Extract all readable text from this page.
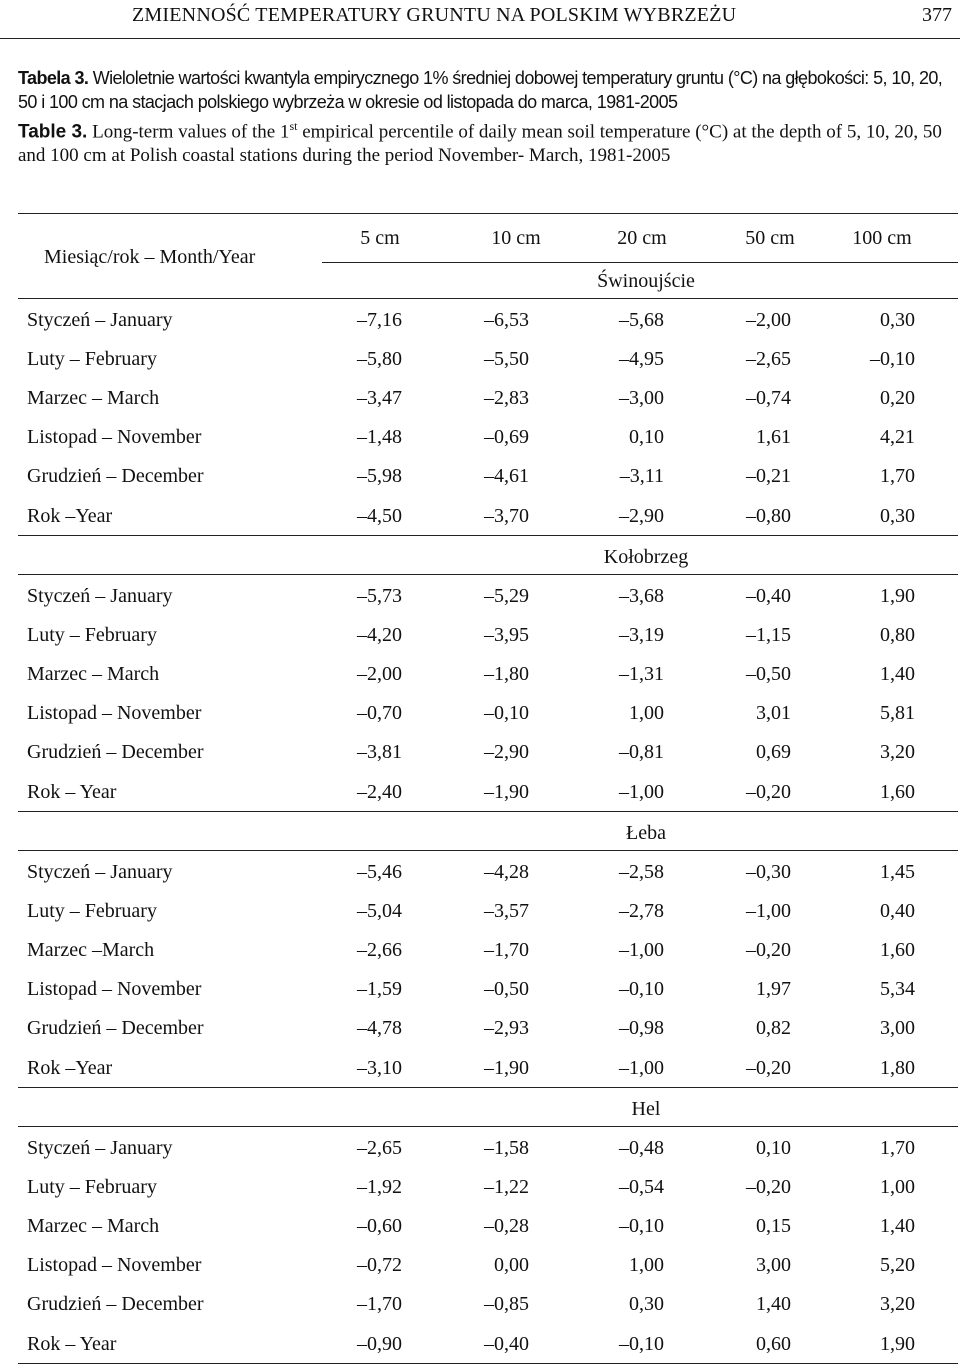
ZMIENNOŚĆ TEMPERATURY GRUNTU NA POLSKIM WYBRZEŻU	377

Tabela 3. Wieloletnie wartości kwantyla empirycznego 1% średniej dobowej temperatury gruntu (°C) na głębokości: 5, 10, 20, 50 i 100 cm na stacjach polskiego wybrzeża w okresie od listopada do marca, 1981-2005

Table 3. Long-term values of the 1st empirical percentile of daily mean soil temperature (°C) at the depth of 5, 10, 20, 50 and 100 cm at Polish coastal stations during the period November- March, 1981-2005

Miesiąc/rok – Month/Year
5 cm	10 cm	20 cm	50 cm	100 cm
Świnoujście
Styczeń – January	–7,16	–6,53	–5,68	–2,00	0,30
Luty – February	–5,80	–5,50	–4,95	–2,65	–0,10
Marzec – March	–3,47	–2,83	–3,00	–0,74	0,20
Listopad – November	–1,48	–0,69	0,10	1,61	4,21
Grudzień – December	–5,98	–4,61	–3,11	–0,21	1,70
Rok –Year	–4,50	–3,70	–2,90	–0,80	0,30
Kołobrzeg
Styczeń – January	–5,73	–5,29	–3,68	–0,40	1,90
Luty – February	–4,20	–3,95	–3,19	–1,15	0,80
Marzec – March	–2,00	–1,80	–1,31	–0,50	1,40
Listopad – November	–0,70	–0,10	1,00	3,01	5,81
Grudzień – December	–3,81	–2,90	–0,81	0,69	3,20
Rok – Year	–2,40	–1,90	–1,00	–0,20	1,60
Łeba
Styczeń – January	–5,46	–4,28	–2,58	–0,30	1,45
Luty – February	–5,04	–3,57	–2,78	–1,00	0,40
Marzec –March	–2,66	–1,70	–1,00	–0,20	1,60
Listopad – November	–1,59	–0,50	–0,10	1,97	5,34
Grudzień – December	–4,78	–2,93	–0,98	0,82	3,00
Rok –Year	–3,10	–1,90	–1,00	–0,20	1,80
Hel
Styczeń – January	–2,65	–1,58	–0,48	0,10	1,70
Luty – February	–1,92	–1,22	–0,54	–0,20	1,00
Marzec – March	–0,60	–0,28	–0,10	0,15	1,40
Listopad – November	–0,72	0,00	1,00	3,00	5,20
Grudzień – December	–1,70	–0,85	0,30	1,40	3,20
Rok – Year	–0,90	–0,40	–0,10	0,60	1,90
